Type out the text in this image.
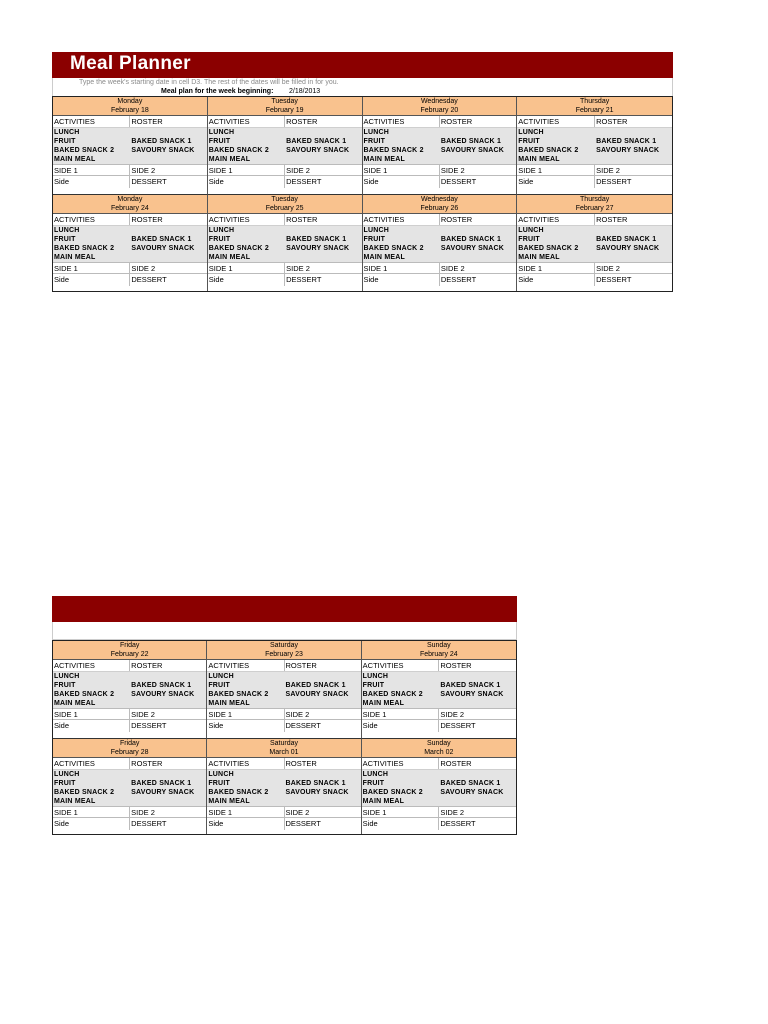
Meal Planner
Type the week's starting date in cell D3. The rest of the dates will be filled in for you.
Meal plan for the week beginning: 2/18/2013
Monday
February 18
ACTIVITIES	ROSTER
LUNCH
FRUIT	BAKED SNACK 1
BAKED SNACK 2	SAVOURY SNACK
MAIN MEAL
SIDE 1	SIDE 2
Side	DESSERT
Tuesday
February 19
ACTIVITIES	ROSTER
LUNCH
FRUIT	BAKED SNACK 1
BAKED SNACK 2	SAVOURY SNACK
MAIN MEAL
SIDE 1	SIDE 2
Side	DESSERT
Wednesday
February 20
ACTIVITIES	ROSTER
LUNCH
FRUIT	BAKED SNACK 1
BAKED SNACK 2	SAVOURY SNACK
MAIN MEAL
SIDE 1	SIDE 2
Side	DESSERT
Thursday
February 21
ACTIVITIES	ROSTER
LUNCH
FRUIT	BAKED SNACK 1
BAKED SNACK 2	SAVOURY SNACK
MAIN MEAL
SIDE 1	SIDE 2
Side	DESSERT
Monday
February 24
ACTIVITIES	ROSTER
LUNCH
FRUIT	BAKED SNACK 1
BAKED SNACK 2	SAVOURY SNACK
MAIN MEAL
SIDE 1	SIDE 2
Side	DESSERT
Tuesday
February 25
ACTIVITIES	ROSTER
LUNCH
FRUIT	BAKED SNACK 1
BAKED SNACK 2	SAVOURY SNACK
MAIN MEAL
SIDE 1	SIDE 2
Side	DESSERT
Wednesday
February 26
ACTIVITIES	ROSTER
LUNCH
FRUIT	BAKED SNACK 1
BAKED SNACK 2	SAVOURY SNACK
MAIN MEAL
SIDE 1	SIDE 2
Side	DESSERT
Thursday
February 27
ACTIVITIES	ROSTER
LUNCH
FRUIT	BAKED SNACK 1
BAKED SNACK 2	SAVOURY SNACK
MAIN MEAL
SIDE 1	SIDE 2
Side	DESSERT
Friday
February 22
ACTIVITIES	ROSTER
LUNCH
FRUIT	BAKED SNACK 1
BAKED SNACK 2	SAVOURY SNACK
MAIN MEAL
SIDE 1	SIDE 2
Side	DESSERT
Saturday
February 23
ACTIVITIES	ROSTER
LUNCH
FRUIT	BAKED SNACK 1
BAKED SNACK 2	SAVOURY SNACK
MAIN MEAL
SIDE 1	SIDE 2
Side	DESSERT
Sunday
February 24
ACTIVITIES	ROSTER
LUNCH
FRUIT	BAKED SNACK 1
BAKED SNACK 2	SAVOURY SNACK
MAIN MEAL
SIDE 1	SIDE 2
Side	DESSERT
Friday
February 28
ACTIVITIES	ROSTER
LUNCH
FRUIT	BAKED SNACK 1
BAKED SNACK 2	SAVOURY SNACK
MAIN MEAL
SIDE 1	SIDE 2
Side	DESSERT
Saturday
March 01
ACTIVITIES	ROSTER
LUNCH
FRUIT	BAKED SNACK 1
BAKED SNACK 2	SAVOURY SNACK
MAIN MEAL
SIDE 1	SIDE 2
Side	DESSERT
Sunday
March 02
ACTIVITIES	ROSTER
LUNCH
FRUIT	BAKED SNACK 1
BAKED SNACK 2	SAVOURY SNACK
MAIN MEAL
SIDE 1	SIDE 2
Side	DESSERT
